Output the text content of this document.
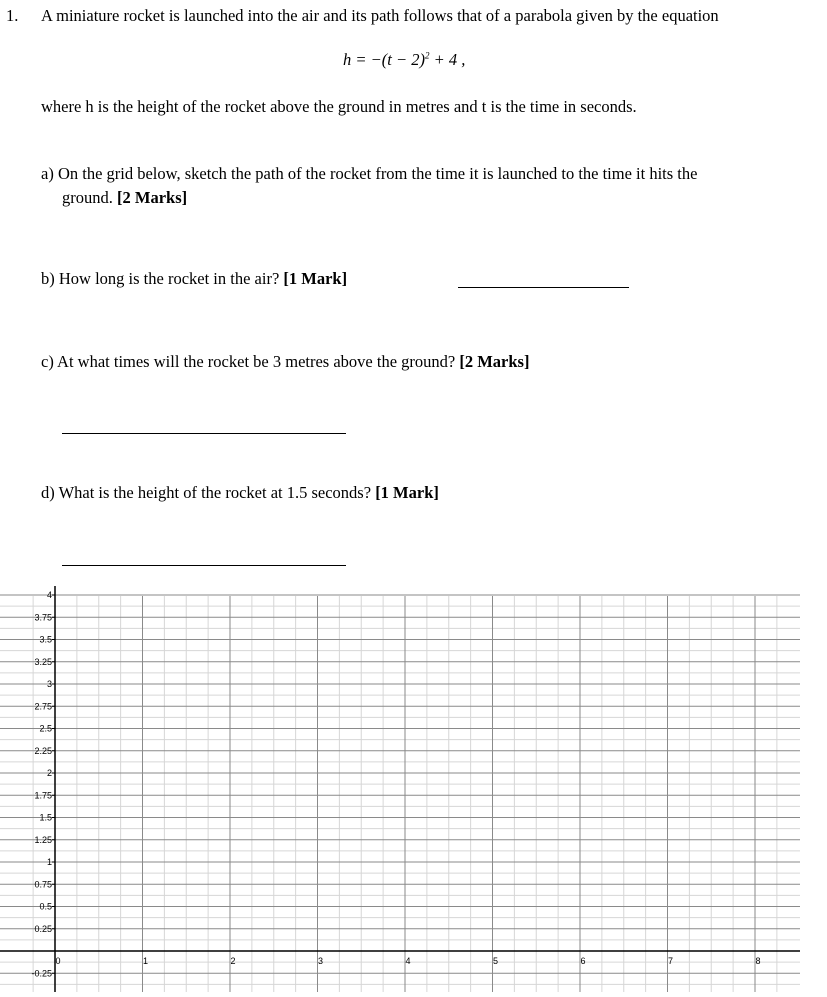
1. A miniature rocket is launched into the air and its path follows that of a parabola given by the equation
$h = -(t - 2)^2 + 4$ ,
where h is the height of the rocket above the ground in metres and t is the time in seconds.
a) On the grid below, sketch the path of the rocket from the time it is launched to the time it hits the
ground. [2 Marks]
b) How long is the rocket in the air? [1 Mark]
c) At what times will the rocket be 3 metres above the ground? [2 Marks]
d) What is the height of the rocket at 1.5 seconds? [1 Mark]
-0.25
0.25
0.5
0.75
1
1.25
1.5
1.75
2
2.25
2.5
2.75
3
3.25
3.5
3.75
4
0	1	2	3	4	5	6	7	8
